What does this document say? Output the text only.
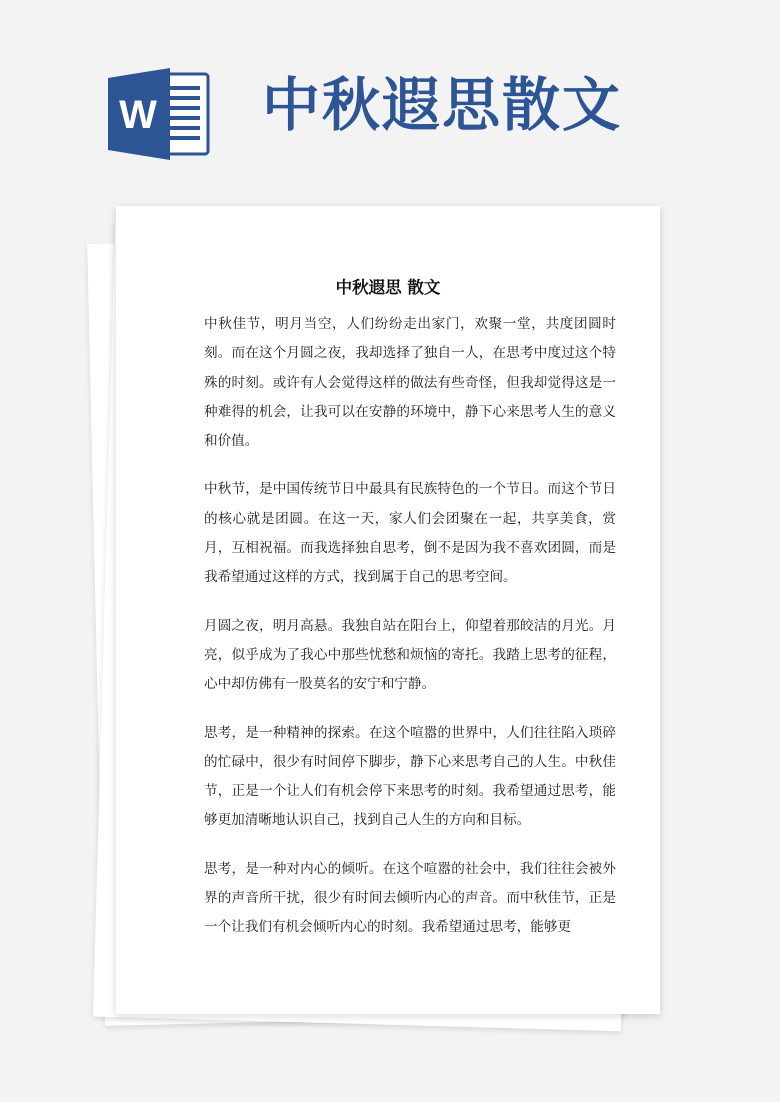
W 中秋遐思散文
中秋遐思 散文

中秋佳节，明月当空，人们纷纷走出家门，欢聚一堂，共度团圆时刻。而在这个月圆之夜，我却选择了独自一人，在思考中度过这个特殊的时刻。或许有人会觉得这样的做法有些奇怪，但我却觉得这是一种难得的机会，让我可以在安静的环境中，静下心来思考人生的意义和价值。

中秋节，是中国传统节日中最具有民族特色的一个节日。而这个节日的核心就是团圆。在这一天，家人们会团聚在一起，共享美食，赏月，互相祝福。而我选择独自思考，倒不是因为我不喜欢团圆，而是我希望通过这样的方式，找到属于自己的思考空间。

月圆之夜，明月高悬。我独自站在阳台上，仰望着那皎洁的月光。月亮，似乎成为了我心中那些忧愁和烦恼的寄托。我踏上思考的征程，心中却仿佛有一股莫名的安宁和宁静。

思考，是一种精神的探索。在这个喧嚣的世界中，人们往往陷入琐碎的忙碌中，很少有时间停下脚步，静下心来思考自己的人生。中秋佳节，正是一个让人们有机会停下来思考的时刻。我希望通过思考，能够更加清晰地认识自己，找到自己人生的方向和目标。

思考，是一种对内心的倾听。在这个喧嚣的社会中，我们往往会被外界的声音所干扰，很少有时间去倾听内心的声音。而中秋佳节，正是一个让我们有机会倾听内心的时刻。我希望通过思考，能够更
